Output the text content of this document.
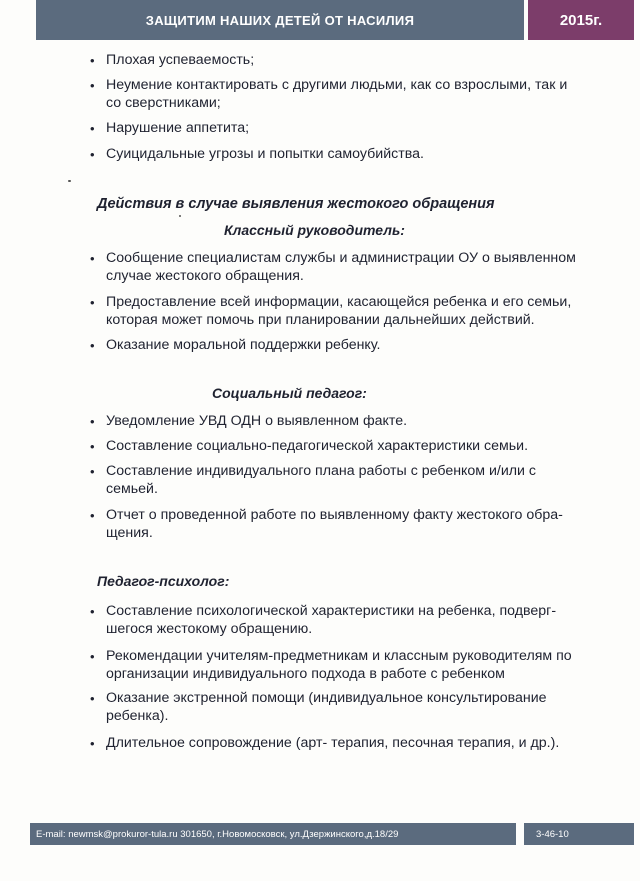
ЗАЩИТИМ НАШИХ ДЕТЕЙ ОТ НАСИЛИЯ	2015г.
• Плохая успеваемость;
• Неумение контактировать с другими людьми, как со взрослыми, так и
со сверстниками;
• Нарушение аппетита;
• Суицидальные угрозы и попытки самоубийства.
Действия в случае выявления жестокого обращения
Классный руководитель:
• Сообщение специалистам службы и администрации ОУ о выявленном
случае жестокого обращения.
• Предоставление всей информации, касающейся ребенка и его семьи,
которая может помочь при планировании дальнейших действий.
• Оказание моральной поддержки ребенку.
Социальный педагог:
• Уведомление УВД ОДН о выявленном факте.
• Составление социально-педагогической характеристики семьи.
• Составление индивидуального плана работы с ребенком и/или с
семьей.
• Отчет о проведенной работе по выявленному факту жестокого обра-
щения.
Педагог-психолог:
• Составление психологической характеристики на ребенка, подверг-
шегося жестокому обращению.
• Рекомендации учителям-предметникам и классным руководителям по
организации индивидуального подхода в работе с ребенком
• Оказание экстренной помощи (индивидуальное консультирование
ребенка).
• Длительное сопровождение (арт- терапия, песочная терапия, и др.).
E-mail: newmsk@prokuror-tula.ru 301650, г.Новомосковск, ул.Дзержинского,д.18/29	3-46-10
